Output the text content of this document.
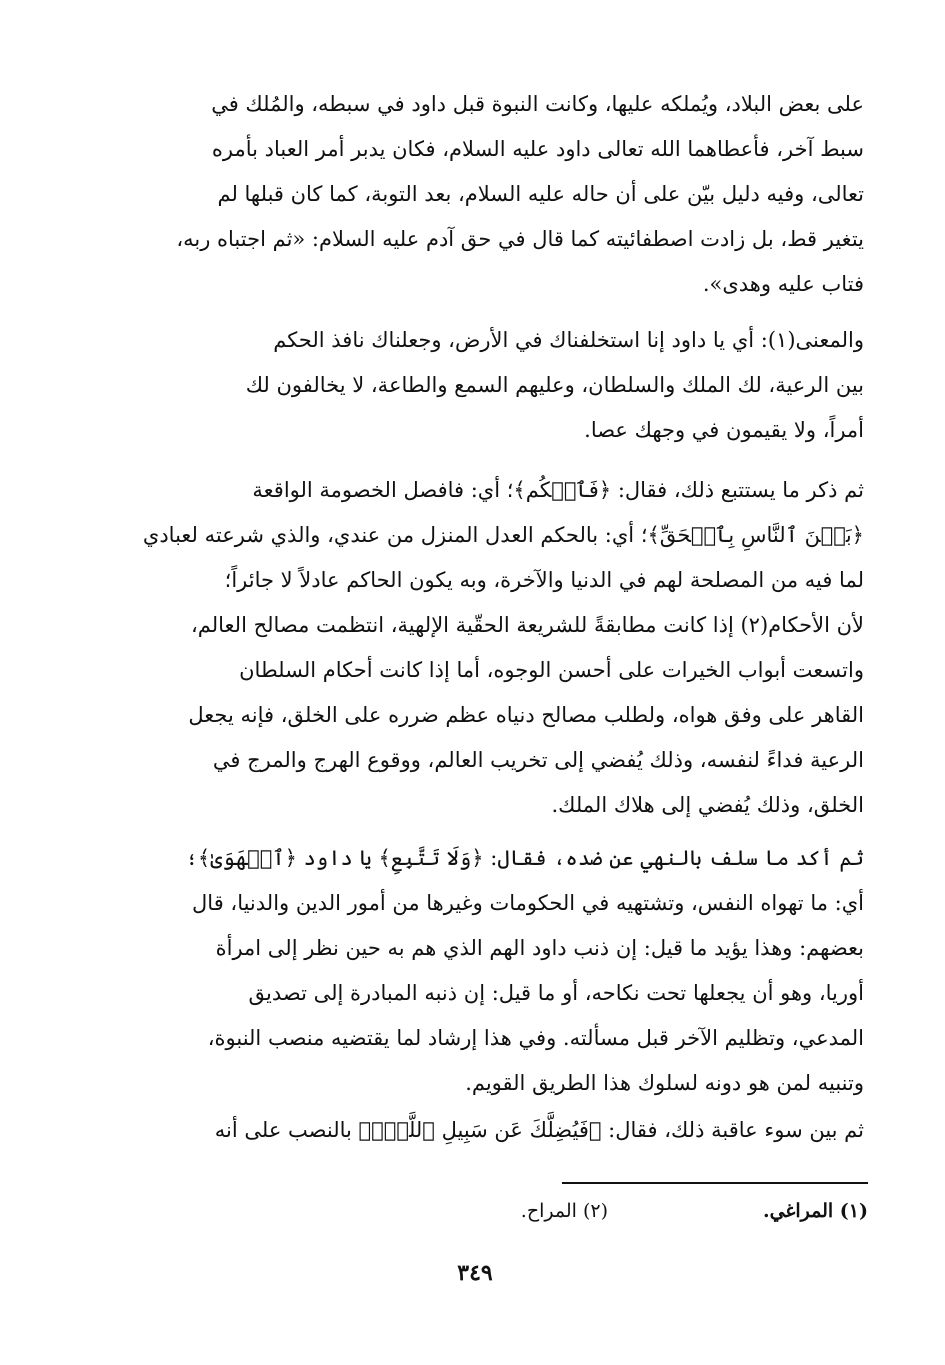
على بعض البلاد، ويُملكه عليها، وكانت النبوة قبل داود في سبطه، والمُلك في
سبط آخر، فأعطاهما الله تعالى داود عليه السلام، فكان يدبر أمر العباد بأمره
تعالى، وفيه دليل بيّن على أن حاله عليه السلام، بعد التوبة، كما كان قبلها لم
يتغير قط، بل زادت اصطفائيته كما قال في حق آدم عليه السلام: «ثم اجتباه ربه،
فتاب عليه وهدى».
والمعنى(١): أي يا داود إنا استخلفناك في الأرض، وجعلناك نافذ الحكم
بين الرعية، لك الملك والسلطان، وعليهم السمع والطاعة، لا يخالفون لك
أمراً، ولا يقيمون في وجهك عصا.
ثم ذكر ما يستتبع ذلك، فقال: ﴿فَٱحۡكُم﴾؛ أي: فافصل الخصومة الواقعة
﴿بَيۡنَ ٱلنَّاسِ بِٱلۡحَقِّ﴾؛ أي: بالحكم العدل المنزل من عندي، والذي شرعته لعبادي
لما فيه من المصلحة لهم في الدنيا والآخرة، وبه يكون الحاكم عادلاً لا جائراً؛
لأن الأحكام(٢) إذا كانت مطابقةً للشريعة الحقّية الإلهية، انتظمت مصالح العالم،
واتسعت أبواب الخيرات على أحسن الوجوه، أما إذا كانت أحكام السلطان
القاهر على وفق هواه، ولطلب مصالح دنياه عظم ضرره على الخلق، فإنه يجعل
الرعية فداءً لنفسه، وذلك يُفضي إلى تخريب العالم، ووقوع الهرج والمرج في
الخلق، وذلك يُفضي إلى هلاك الملك.
ثم أكد ما سلف بالنهي عن ضده، فقال: ﴿وَلَا تَتَّبِعِ﴾ يا داود ﴿ٱلۡهَوَىٰ﴾؛
أي: ما تهواه النفس، وتشتهيه في الحكومات وغيرها من أمور الدين والدنيا، قال
بعضهم: وهذا يؤيد ما قيل: إن ذنب داود الهم الذي هم به حين نظر إلى امرأة
أوريا، وهو أن يجعلها تحت نكاحه، أو ما قيل: إن ذنبه المبادرة إلى تصديق
المدعي، وتظليم الآخر قبل مسألته. وفي هذا إرشاد لما يقتضيه منصب النبوة،
وتنبيه لمن هو دونه لسلوك هذا الطريق القويم.
ثم بين سوء عاقبة ذلك، فقال: ﴿فَيُضِلَّكَ عَن سَبِيلِ ٱللَّهِۚ﴾ بالنصب على أنه
(١) المراغي.
(٢) المراح.
٣٤٩
